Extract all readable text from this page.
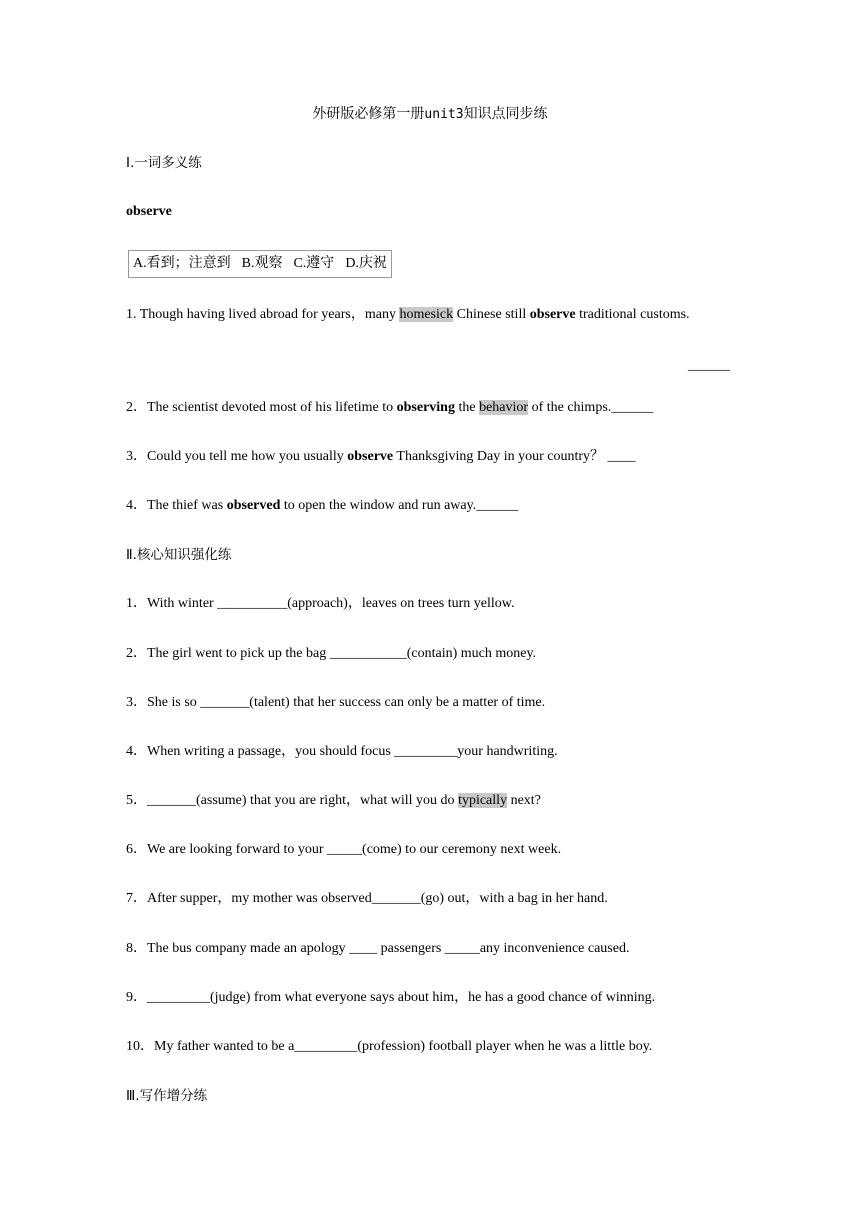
外研版必修第一册unit3知识点同步练
Ⅰ.一词多义练
observe
A.看到；注意到 B.观察 C.遵守 D.庆祝
1. Though having lived abroad for years，many homesick Chinese still observe traditional customs.
______
2．The scientist devoted most of his lifetime to observing the behavior of the chimps.______
3．Could you tell me how you usually observe Thanksgiving Day in your country？ ____
4．The thief was observed to open the window and run away.______
Ⅱ.核心知识强化练
1．With winter __________(approach)，leaves on trees turn yellow.
2．The girl went to pick up the bag ___________(contain) much money.
3．She is so _______(talent) that her success can only be a matter of time.
4．When writing a passage，you should focus _________your handwriting.
5．_______(assume) that you are right，what will you do typically next?
6．We are looking forward to your _____(come) to our ceremony next week.
7．After supper，my mother was observed_______(go) out，with a bag in her hand.
8．The bus company made an apology ____ passengers _____any inconvenience caused.
9．_________(judge) from what everyone says about him，he has a good chance of winning.
10．My father wanted to be a_________(profession) football player when he was a little boy.
Ⅲ.写作增分练
